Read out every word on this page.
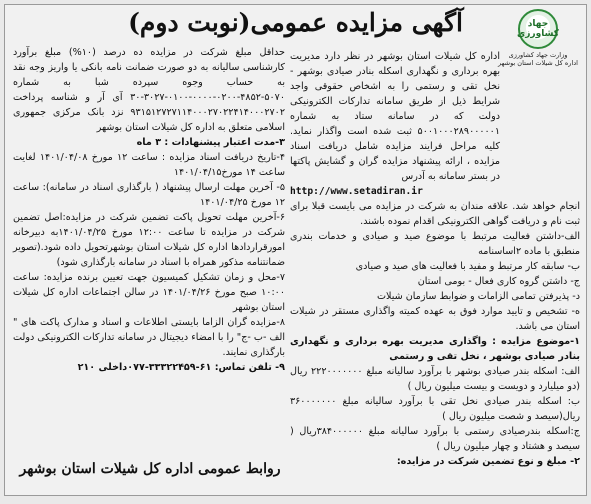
جهاد کشاورزی
وزارت جهاد کشاورزی
اداره کل شیلات استان بوشهر
آگهی مزایده عمومی(نوبت دوم)

اداره کل شیلات استان بوشهر در نظر دارد مدیریت بهره برداری و نگهداری اسکله بنادر صیادی بوشهر - نخل تقی و رستمی را به اشخاص حقوقی واجد شرایط ذیل از طریق سامانه تدارکات الکترونیکی دولت که در سامانه ستاد به شماره ۵۰۰۱۰۰۰۲۸۹۰۰۰۰۰۱ ثبت شده است واگذار نماید. کلیه مراحل فرایند مزایده شامل دریافت اسناد مزایده ، ارائه پیشنهاد مزایده گران و گشایش پاکتها در بستر سامانه به آدرس

http://www.setadiran.ir

انجام خواهد شد. علاقه مندان به شرکت در مزایده می بایست قبلا برای ثبت نام و دریافت گواهی الکترونیکی اقدام نموده باشند.

الف-داشتن فعالیت مرتبط با موضوع صید و صیادی و خدمات بندری منطبق با ماده ۲اساسنامه

ب- سابقه کار مرتبط و مفید با فعالیت های صید و صیادی

ج- داشتن گروه کاری فعال - بومی استان

د- پذیرفتن تمامی الزامات و ضوابط سازمان شیلات

ه- تشخیص و تایید موارد فوق به عهده کمیته واگذاری مستقر در شیلات استان می باشد.

۱-موضوع مزایده : واگذاری مدیریت بهره برداری و نگهداری بنادر صیادی بوشهر ، نخل تقی و رستمی

الف: اسکله بندر صیادی بوشهر با برآورد سالیانه مبلغ ۲۲۲۰۰۰۰۰۰۰ ریال (دو میلیارد و دویست و بیست میلیون ریال )

ب: اسکله بندر صیادی نخل تقی با برآورد سالیانه مبلغ ۳۶۰۰۰۰۰۰۰ ریال(سیصد و شصت میلیون ریال )

ج:اسکله بندرصیادی رستمی با برآورد سالیانه مبلغ ۳۸۴۰۰۰۰۰۰ریال ( سیصد و هشتاد و چهار میلیون ریال )

۲- مبلغ و نوع تضمین شرکت در مزایده:

حداقل مبلغ شرکت در مزایده ده درصد (۱۰%) مبلغ برآورد کارشناسی سالیانه به دو صورت ضمانت نامه بانکی یا واریز وجه نقد به حساب وجوه سپرده شبا به شماره ۵۰۷۰-۴۸۵۲-۰۲۰۰-۰۰۰۰-۰۱۰۰-۳۰۲۷-۳۰ آی آر و شناسه پرداخت ۹۳۱۵۱۲۷۲۷۱۱۴۰۰۰۲۷۰۲۲۴۱۴۰۰۰۲۷۰۲ نزد بانک مرکزی جمهوری اسلامی متعلق به اداره کل شیلات استان بوشهر

۳-مدت اعتبار پیشنهادات : ۳ ماه

۴-تاریخ دریافت اسناد مزایده : ساعت ۱۲ مورخ ۱۴۰۱/۰۴/۰۸ لغایت ساعت ۱۴ مورخ۱۴۰۱/۰۴/۱۵

۵- آخرین مهلت ارسال پیشنهاد ( بارگذاری اسناد در سامانه): ساعت ۱۲ مورخ ۱۴۰۱/۰۴/۲۵

۶-آخرین مهلت تحویل پاکت تضمین شرکت در مزایده:اصل تضمین شرکت در مزایده تا ساعت ۱۲:۰۰ مورخ ۱۴۰۱/۰۴/۲۵به دبیرخانه امورقراردادها اداره کل شیلات استان بوشهرتحویل داده شود.(تصویر ضمانتنامه مذکور همراه با اسناد در سامانه بارگذاری شود)

۷-محل و زمان تشکیل کمیسیون جهت تعیین برنده مزایده: ساعت ۱۰:۰۰ صبح مورخ ۱۴۰۱/۰۴/۲۶ در سالن اجتماعات اداره کل شیلات استان بوشهر

۸-مزایده گران الزاما بایستی اطلاعات و اسناد و مدارک پاکت های " الف -ب -ج" را با امضاء دیجیتال در سامانه تدارکات الکترونیکی دولت بارگذاری نمایند.

۹- تلفن تماس: ۶۱-۳۳۳۲۲۴۵۹-۰۷۷داخلی ۲۱۰

روابط عمومی اداره کل شیلات استان بوشهر
